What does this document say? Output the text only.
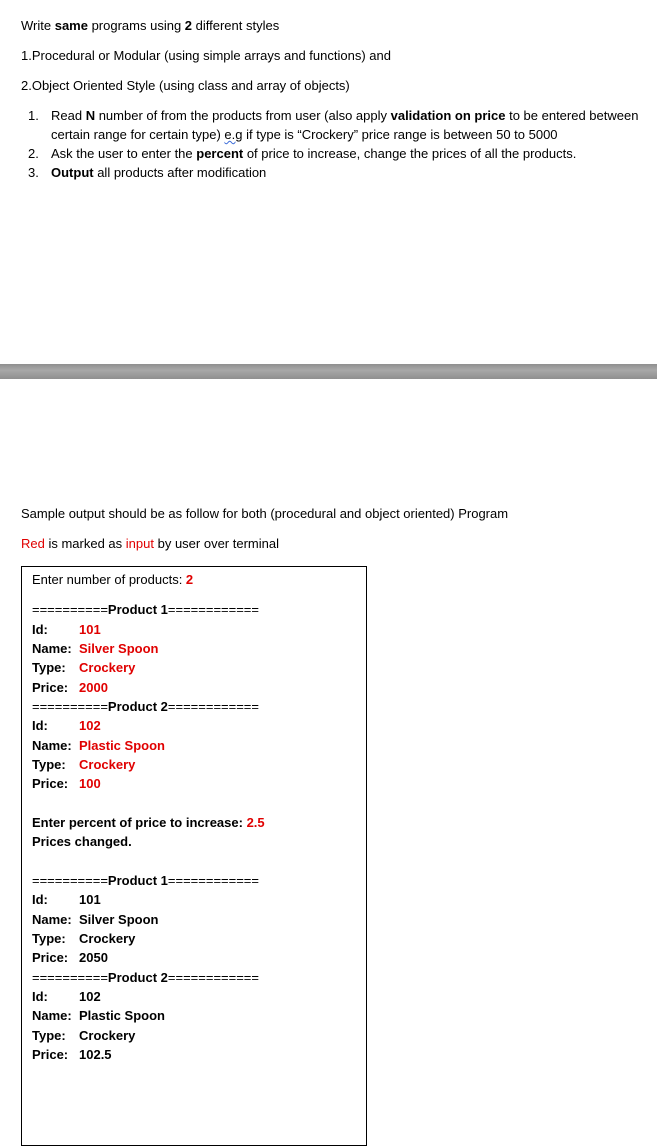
Write same programs using 2 different styles
1.Procedural or Modular (using simple arrays and functions) and
2.Object Oriented Style (using class and array of objects)
1. Read N number of from the products from user (also apply validation on price to be entered between certain range for certain type) e.g if type is “Crockery” price range is between 50 to 5000
2. Ask the user to enter the percent of price to increase, change the prices of all the products.
3. Output all products after modification
Sample output should be as follow for both (procedural and object oriented) Program
Red is marked as input by user over terminal
Enter number of products: 2
==========Product 1============
Id: 101
Name: Silver Spoon
Type: Crockery
Price: 2000
==========Product 2============
Id: 102
Name: Plastic Spoon
Type: Crockery
Price: 100
Enter percent of price to increase: 2.5
Prices changed.
==========Product 1============
Id: 101
Name: Silver Spoon
Type: Crockery
Price: 2050
==========Product 2============
Id: 102
Name: Plastic Spoon
Type: Crockery
Price: 102.5
